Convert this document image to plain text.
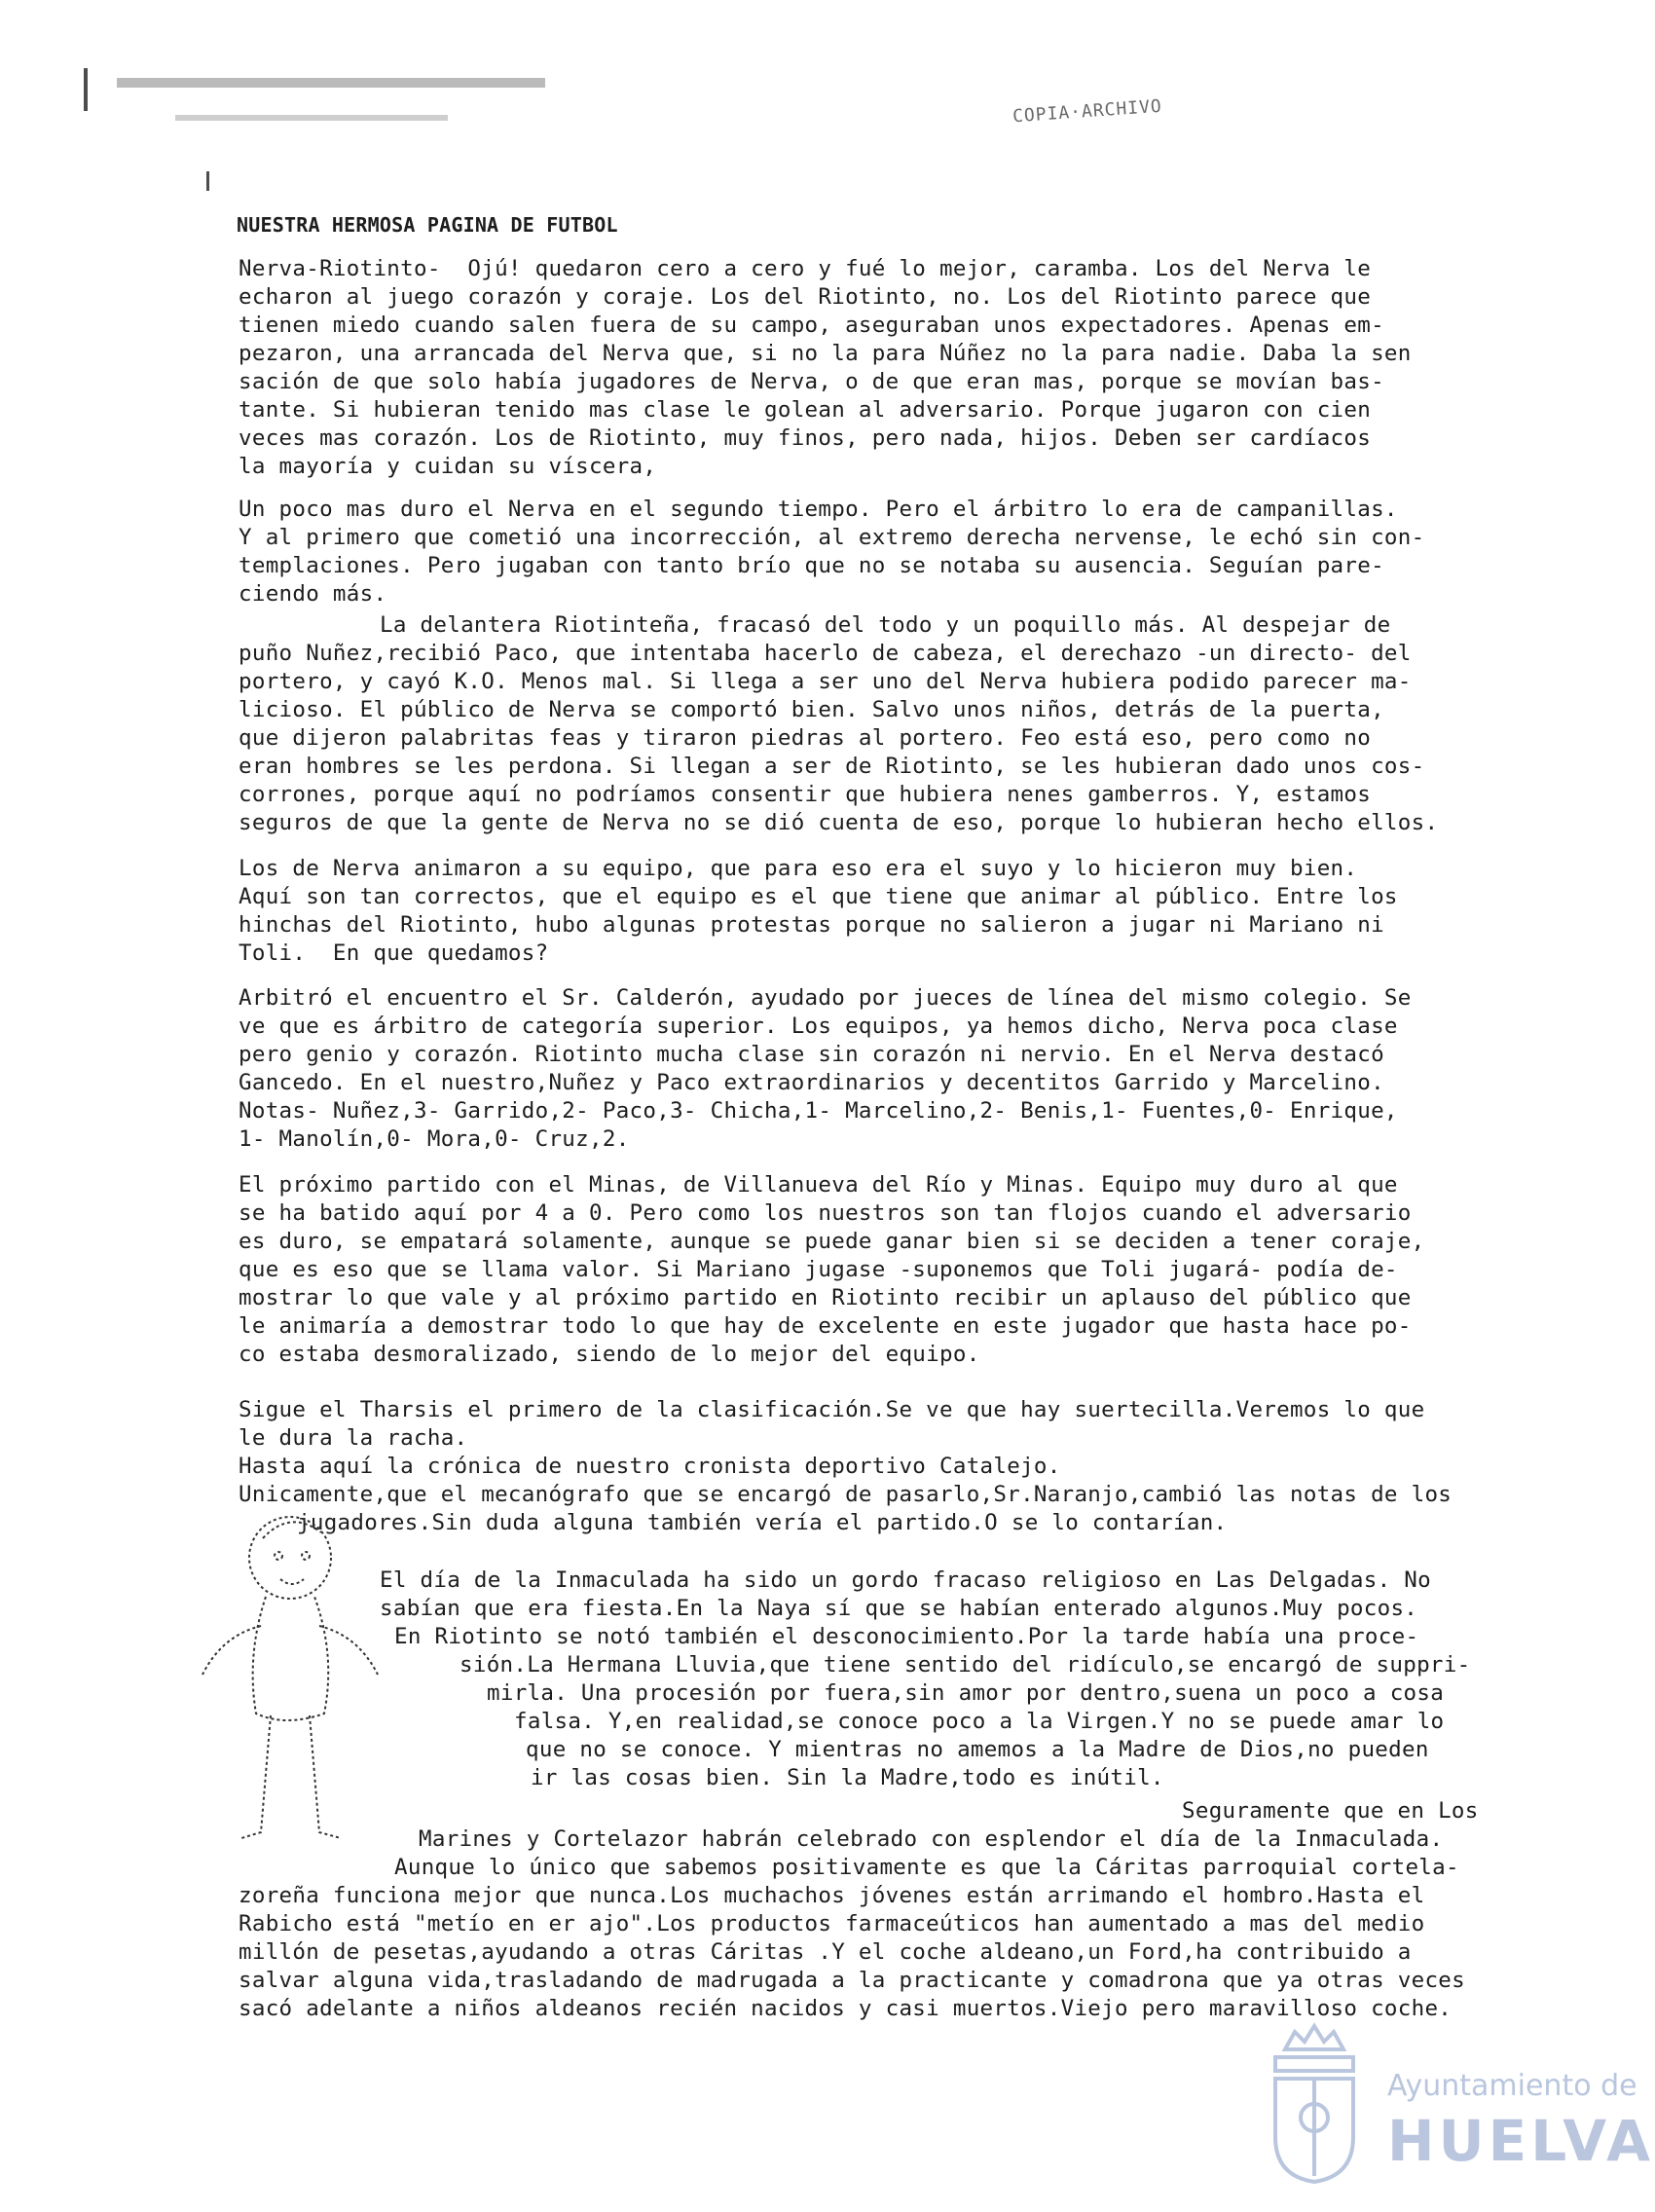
COPIA·ARCHIVO
NUESTRA HERMOSA PAGINA DE FUTBOL
Nerva-Riotinto-  Ojú! quedaron cero a cero y fué lo mejor, caramba. Los del Nerva le
echaron al juego corazón y coraje. Los del Riotinto, no. Los del Riotinto parece que
tienen miedo cuando salen fuera de su campo, aseguraban unos expectadores. Apenas em-
pezaron, una arrancada del Nerva que, si no la para Núñez no la para nadie. Daba la sen
sación de que solo había jugadores de Nerva, o de que eran mas, porque se movían bas-
tante. Si hubieran tenido mas clase le golean al adversario. Porque jugaron con cien
veces mas corazón. Los de Riotinto, muy finos, pero nada, hijos. Deben ser cardíacos
la mayoría y cuidan su víscera,
Un poco mas duro el Nerva en el segundo tiempo. Pero el árbitro lo era de campanillas.
Y al primero que cometió una incorrección, al extremo derecha nervense, le echó sin con-
templaciones. Pero jugaban con tanto brío que no se notaba su ausencia. Seguían pare-
ciendo más.
La delantera Riotinteña, fracasó del todo y un poquillo más. Al despejar de
puño Nuñez,recibió Paco, que intentaba hacerlo de cabeza, el derechazo -un directo- del
portero, y cayó K.O. Menos mal. Si llega a ser uno del Nerva hubiera podido parecer ma-
licioso. El público de Nerva se comportó bien. Salvo unos niños, detrás de la puerta,
que dijeron palabritas feas y tiraron piedras al portero. Feo está eso, pero como no
eran hombres se les perdona. Si llegan a ser de Riotinto, se les hubieran dado unos cos-
corrones, porque aquí no podríamos consentir que hubiera nenes gamberros. Y, estamos
seguros de que la gente de Nerva no se dió cuenta de eso, porque lo hubieran hecho ellos.
Los de Nerva animaron a su equipo, que para eso era el suyo y lo hicieron muy bien.
Aquí son tan correctos, que el equipo es el que tiene que animar al público. Entre los
hinchas del Riotinto, hubo algunas protestas porque no salieron a jugar ni Mariano ni
Toli.  En que quedamos?
Arbitró el encuentro el Sr. Calderón, ayudado por jueces de línea del mismo colegio. Se
ve que es árbitro de categoría superior. Los equipos, ya hemos dicho, Nerva poca clase
pero genio y corazón. Riotinto mucha clase sin corazón ni nervio. En el Nerva destacó
Gancedo. En el nuestro,Nuñez y Paco extraordinarios y decentitos Garrido y Marcelino.
Notas- Nuñez,3- Garrido,2- Paco,3- Chicha,1- Marcelino,2- Benis,1- Fuentes,0- Enrique,
1- Manolín,0- Mora,0- Cruz,2.
El próximo partido con el Minas, de Villanueva del Río y Minas. Equipo muy duro al que
se ha batido aquí por 4 a 0. Pero como los nuestros son tan flojos cuando el adversario
es duro, se empatará solamente, aunque se puede ganar bien si se deciden a tener coraje,
que es eso que se llama valor. Si Mariano jugase -suponemos que Toli jugará- podía de-
mostrar lo que vale y al próximo partido en Riotinto recibir un aplauso del público que
le animaría a demostrar todo lo que hay de excelente en este jugador que hasta hace po-
co estaba desmoralizado, siendo de lo mejor del equipo.
Sigue el Tharsis el primero de la clasificación.Se ve que hay suertecilla.Veremos lo que
le dura la racha.
Hasta aquí la crónica de nuestro cronista deportivo Catalejo.
Unicamente,que el mecanógrafo que se encargó de pasarlo,Sr.Naranjo,cambió las notas de los
jugadores.Sin duda alguna también vería el partido.O se lo contarían.
El día de la Inmaculada ha sido un gordo fracaso religioso en Las Delgadas. No
sabían que era fiesta.En la Naya sí que se habían enterado algunos.Muy pocos.
En Riotinto se notó también el desconocimiento.Por la tarde había una proce-
sión.La Hermana Lluvia,que tiene sentido del ridículo,se encargó de suppri-
mirla. Una procesión por fuera,sin amor por dentro,suena un poco a cosa
falsa. Y,en realidad,se conoce poco a la Virgen.Y no se puede amar lo
que no se conoce. Y mientras no amemos a la Madre de Dios,no pueden
ir las cosas bien. Sin la Madre,todo es inútil.
Seguramente que en Los
Marines y Cortelazor habrán celebrado con esplendor el día de la Inmaculada.
Aunque lo único que sabemos positivamente es que la Cáritas parroquial cortela-
zoreña funciona mejor que nunca.Los muchachos jóvenes están arrimando el hombro.Hasta el
Rabicho está "metío en er ajo".Los productos farmaceúticos han aumentado a mas del medio
millón de pesetas,ayudando a otras Cáritas .Y el coche aldeano,un Ford,ha contribuido a
salvar alguna vida,trasladando de madrugada a la practicante y comadrona que ya otras veces
sacó adelante a niños aldeanos recién nacidos y casi muertos.Viejo pero maravilloso coche.
Ayuntamiento de
HUELVA
